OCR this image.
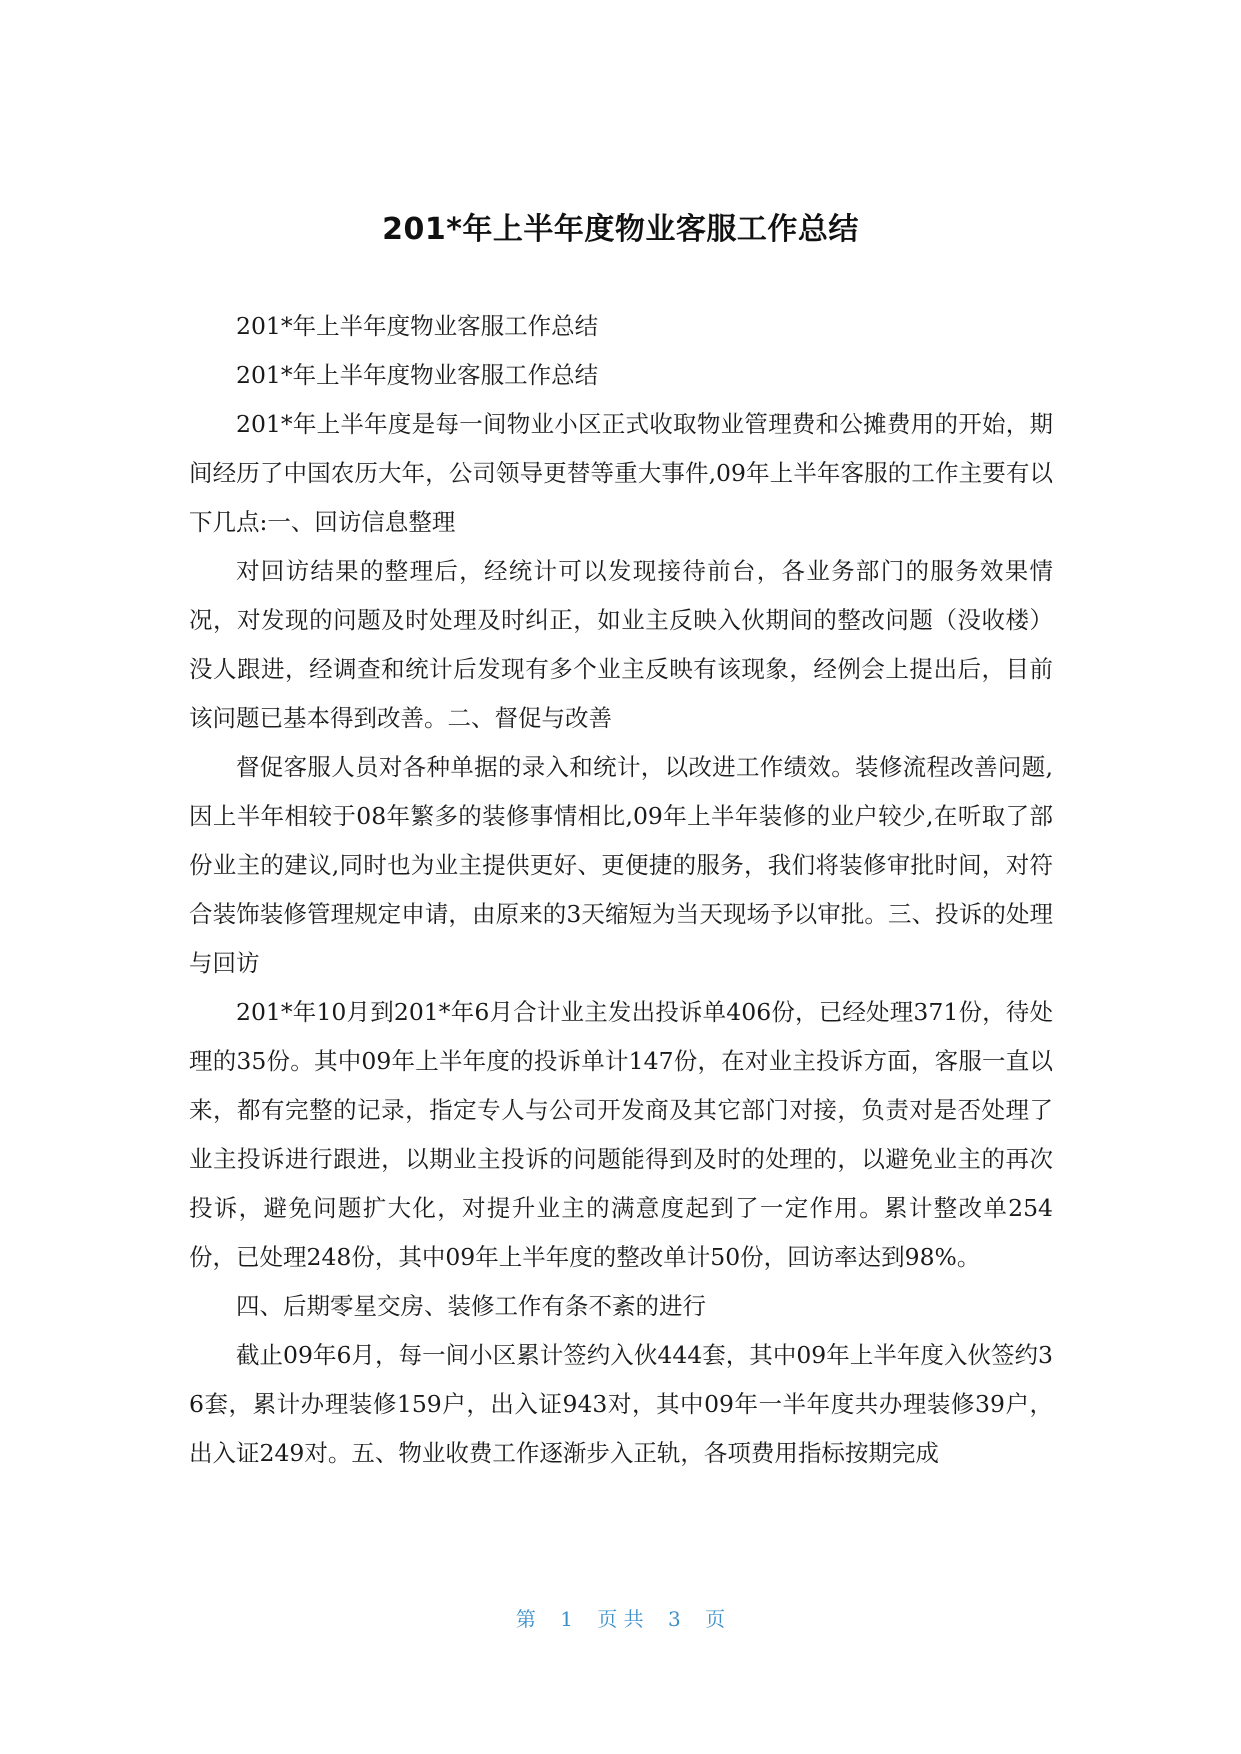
201*年上半年度物业客服工作总结

201*年上半年度物业客服工作总结

201*年上半年度物业客服工作总结

201*年上半年度是每一间物业小区正式收取物业管理费和公摊费用的开始，期间经历了中国农历大年，公司领导更替等重大事件,09年上半年客服的工作主要有以下几点:一、回访信息整理

对回访结果的整理后，经统计可以发现接待前台，各业务部门的服务效果情况，对发现的问题及时处理及时纠正，如业主反映入伙期间的整改问题（没收楼）没人跟进，经调查和统计后发现有多个业主反映有该现象，经例会上提出后，目前该问题已基本得到改善。二、督促与改善

督促客服人员对各种单据的录入和统计，以改进工作绩效。装修流程改善问题,因上半年相较于08年繁多的装修事情相比,09年上半年装修的业户较少,在听取了部份业主的建议,同时也为业主提供更好、更便捷的服务，我们将装修审批时间，对符合装饰装修管理规定申请，由原来的3天缩短为当天现场予以审批。三、投诉的处理与回访

201*年10月到201*年6月合计业主发出投诉单406份，已经处理371份，待处理的35份。其中09年上半年度的投诉单计147份，在对业主投诉方面，客服一直以来，都有完整的记录，指定专人与公司开发商及其它部门对接，负责对是否处理了业主投诉进行跟进，以期业主投诉的问题能得到及时的处理的，以避免业主的再次投诉，避免问题扩大化，对提升业主的满意度起到了一定作用。累计整改单254份，已处理248份，其中09年上半年度的整改单计50份，回访率达到98%。

四、后期零星交房、装修工作有条不紊的进行

截止09年6月，每一间小区累计签约入伙444套，其中09年上半年度入伙签约36套，累计办理装修159户，出入证943对，其中09年一半年度共办理装修39户，出入证249对。五、物业收费工作逐渐步入正轨，各项费用指标按期完成

第 1 页 共 3 页
